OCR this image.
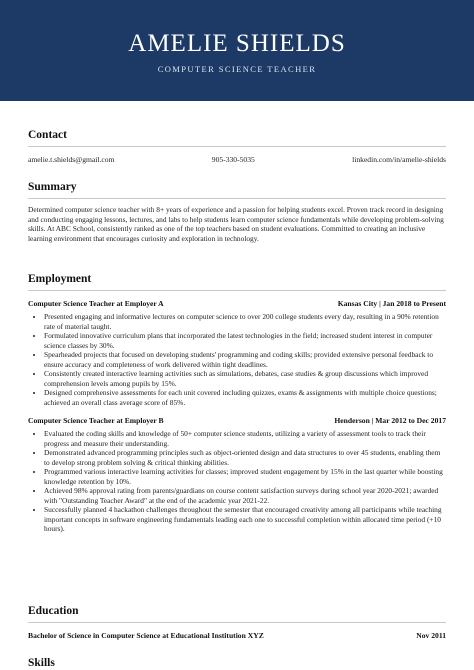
AMELIE SHIELDS
COMPUTER SCIENCE TEACHER
Contact
amelie.t.shields@gmail.com	905-330-5035	linkedin.com/in/amelie-shields
Summary
Determined computer science teacher with 8+ years of experience and a passion for helping students excel. Proven track record in designing and conducting engaging lessons, lectures, and labs to help students learn computer science fundamentals while developing problem-solving skills. At ABC School, consistently ranked as one of the top teachers based on student evaluations. Committed to creating an inclusive learning environment that encourages curiosity and exploration in technology.
Employment
Computer Science Teacher at Employer A	Kansas City | Jan 2018 to Present
• Presented engaging and informative lectures on computer science to over 200 college students every day, resulting in a 90% retention rate of material taught.
• Formulated innovative curriculum plans that incorporated the latest technologies in the field; increased student interest in computer science classes by 30%.
• Spearheaded projects that focused on developing students' programming and coding skills; provided extensive personal feedback to ensure accuracy and completeness of work delivered within tight deadlines.
• Consistently created interactive learning activities such as simulations, debates, case studies & group discussions which improved comprehension levels among pupils by 15%.
• Designed comprehensive assessments for each unit covered including quizzes, exams & assignments with multiple choice questions; achieved an overall class average score of 85%.
Computer Science Teacher at Employer B	Henderson | Mar 2012 to Dec 2017
• Evaluated the coding skills and knowledge of 50+ computer science students, utilizing a variety of assessment tools to track their progress and measure their understanding.
• Demonstrated advanced programming principles such as object-oriented design and data structures to over 45 students, enabling them to develop strong problem solving & critical thinking abilities.
• Programmed various interactive learning activities for classes; improved student engagement by 15% in the last quarter while boosting knowledge retention by 10%.
• Achieved 98% approval rating from parents/guardians on course content satisfaction surveys during school year 2020-2021; awarded with "Outstanding Teacher Award" at the end of the academic year 2021-22.
• Successfully planned 4 hackathon challenges throughout the semester that encouraged creativity among all participants while teaching important concepts in software engineering fundamentals leading each one to successful completion within allocated time period (+10 hours).
Education
Bachelor of Science in Computer Science at Educational Institution XYZ	Nov 2011
Skills
